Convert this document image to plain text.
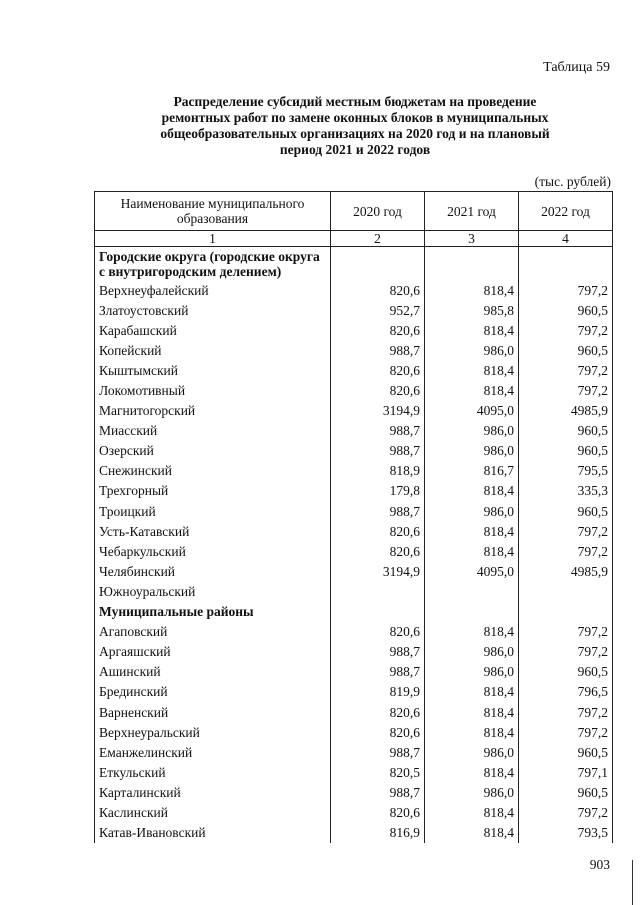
Таблица 59
Распределение субсидий местным бюджетам на проведение
ремонтных работ по замене оконных блоков в муниципальных
общеобразовательных организациях на 2020 год и на плановый
период 2021 и 2022 годов
(тыс. рублей)
Наименование муниципального образования	2020 год	2021 год	2022 год
1	2	3	4
Городские округа (городские округа с внутригородским делением)			
Верхнеуфалейский	820,6	818,4	797,2
Златоустовский	952,7	985,8	960,5
Карабашский	820,6	818,4	797,2
Копейский	988,7	986,0	960,5
Кыштымский	820,6	818,4	797,2
Локомотивный	820,6	818,4	797,2
Магнитогорский	3194,9	4095,0	4985,9
Миасский	988,7	986,0	960,5
Озерский	988,7	986,0	960,5
Снежинский	818,9	816,7	795,5
Трехгорный	179,8	818,4	335,3
Троицкий	988,7	986,0	960,5
Усть-Катавский	820,6	818,4	797,2
Чебаркульский	820,6	818,4	797,2
Челябинский	3194,9	4095,0	4985,9
Южноуральский			
Муниципальные районы			
Агаповский	820,6	818,4	797,2
Аргаяшский	988,7	986,0	797,2
Ашинский	988,7	986,0	960,5
Брединский	819,9	818,4	796,5
Варненский	820,6	818,4	797,2
Верхнеуральский	820,6	818,4	797,2
Еманжелинский	988,7	986,0	960,5
Еткульский	820,5	818,4	797,1
Карталинский	988,7	986,0	960,5
Каслинский	820,6	818,4	797,2
Катав-Ивановский	816,9	818,4	793,5
903
